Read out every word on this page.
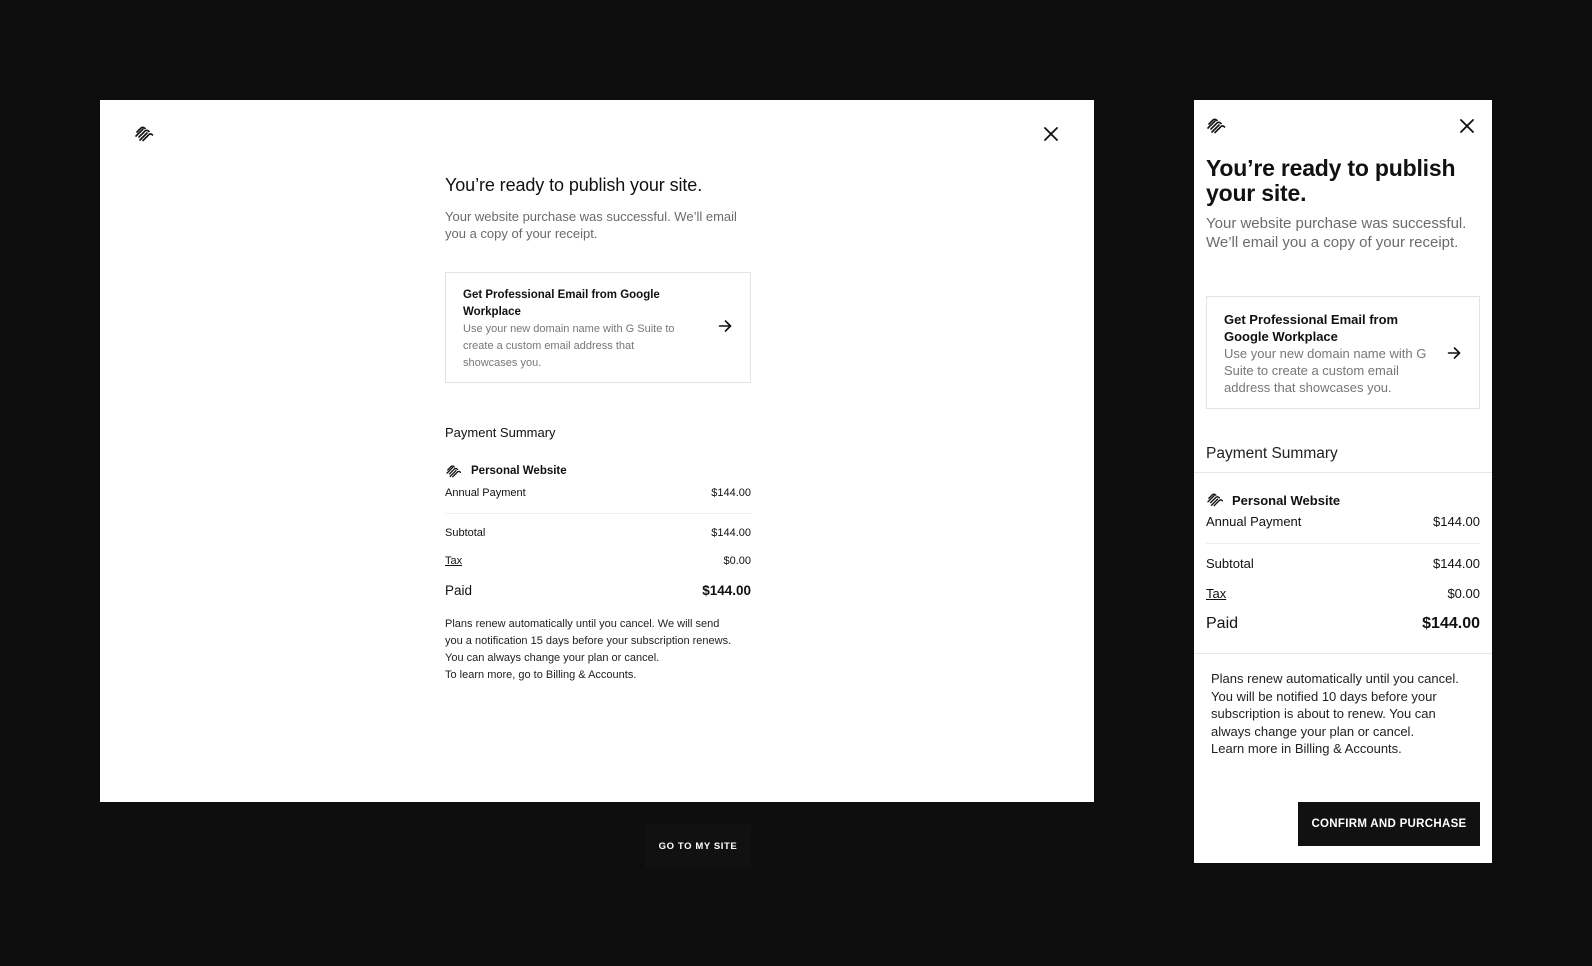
You’re ready to publish your site.

Your website purchase was successful. We’ll email you a copy of your receipt.

Get Professional Email from Google Workplace
Use your new domain name with G Suite to create a custom email address that showcases you.
Payment Summary
Personal Website
Annual Payment	$144.00
Subtotal	$144.00
Tax	$0.00
Paid	$144.00
Plans renew automatically until you cancel. We will send
you a notification 15 days before your subscription renews.
You can always change your plan or cancel.
To learn more, go to Billing & Accounts.
GO TO MY SITE
You’re ready to publish your site.

Your website purchase was successful. We’ll email you a copy of your receipt.

Get Professional Email from Google Workplace
Use your new domain name with G Suite to create a custom email address that showcases you.
Payment Summary
Personal Website
Annual Payment	$144.00
Subtotal	$144.00
Tax	$0.00
Paid	$144.00
Plans renew automatically until you cancel.
You will be notified 10 days before your
subscription is about to renew. You can
always change your plan or cancel.
Learn more in Billing & Accounts.
CONFIRM AND PURCHASE
